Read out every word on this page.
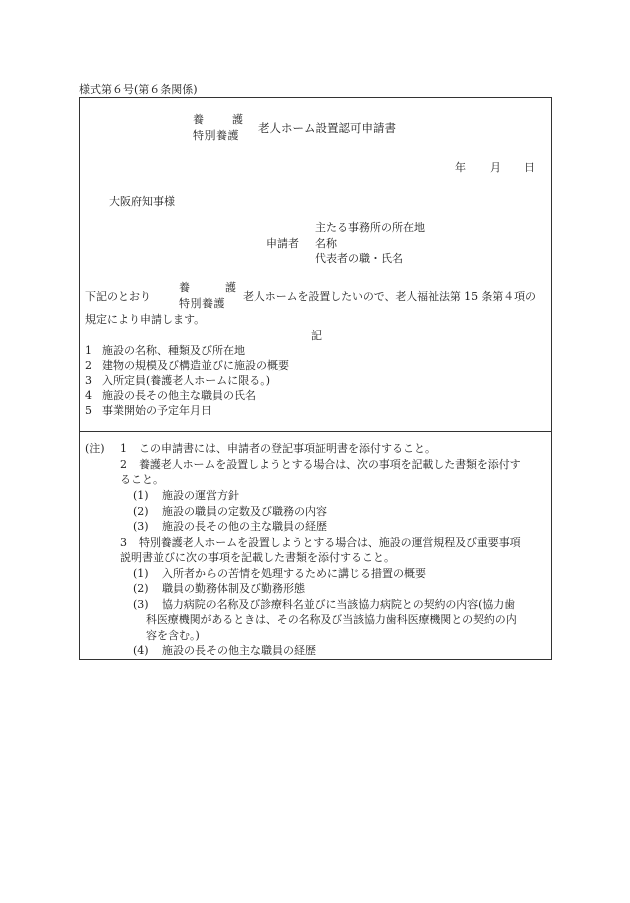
様式第６号(第６条関係)
養	護
特別養護
老人ホーム設置認可申請書
年 月 日
大阪府知事様
主たる事務所の所在地
申請者 名称
代表者の職・氏名
下記のとおり
養	護
特別養護
老人ホームを設置したいので、老人福祉法第 15 条第４項の
規定により申請します。
記
1 施設の名称、種類及び所在地
2 建物の規模及び構造並びに施設の概要
3 入所定員(養護老人ホームに限る。)
4 施設の長その他主な職員の氏名
5 事業開始の予定年月日
(注) 1 この申請書には、申請者の登記事項証明書を添付すること。
2 養護老人ホームを設置しようとする場合は、次の事項を記載した書類を添付す
ること。
(1) 施設の運営方針
(2) 施設の職員の定数及び職務の内容
(3) 施設の長その他の主な職員の経歴
3 特別養護老人ホームを設置しようとする場合は、施設の運営規程及び重要事項
説明書並びに次の事項を記載した書類を添付すること。
(1) 入所者からの苦情を処理するために講じる措置の概要
(2) 職員の勤務体制及び勤務形態
(3) 協力病院の名称及び診療科名並びに当該協力病院との契約の内容(協力歯
科医療機関があるときは、その名称及び当該協力歯科医療機関との契約の内
容を含む。)
(4) 施設の長その他主な職員の経歴
